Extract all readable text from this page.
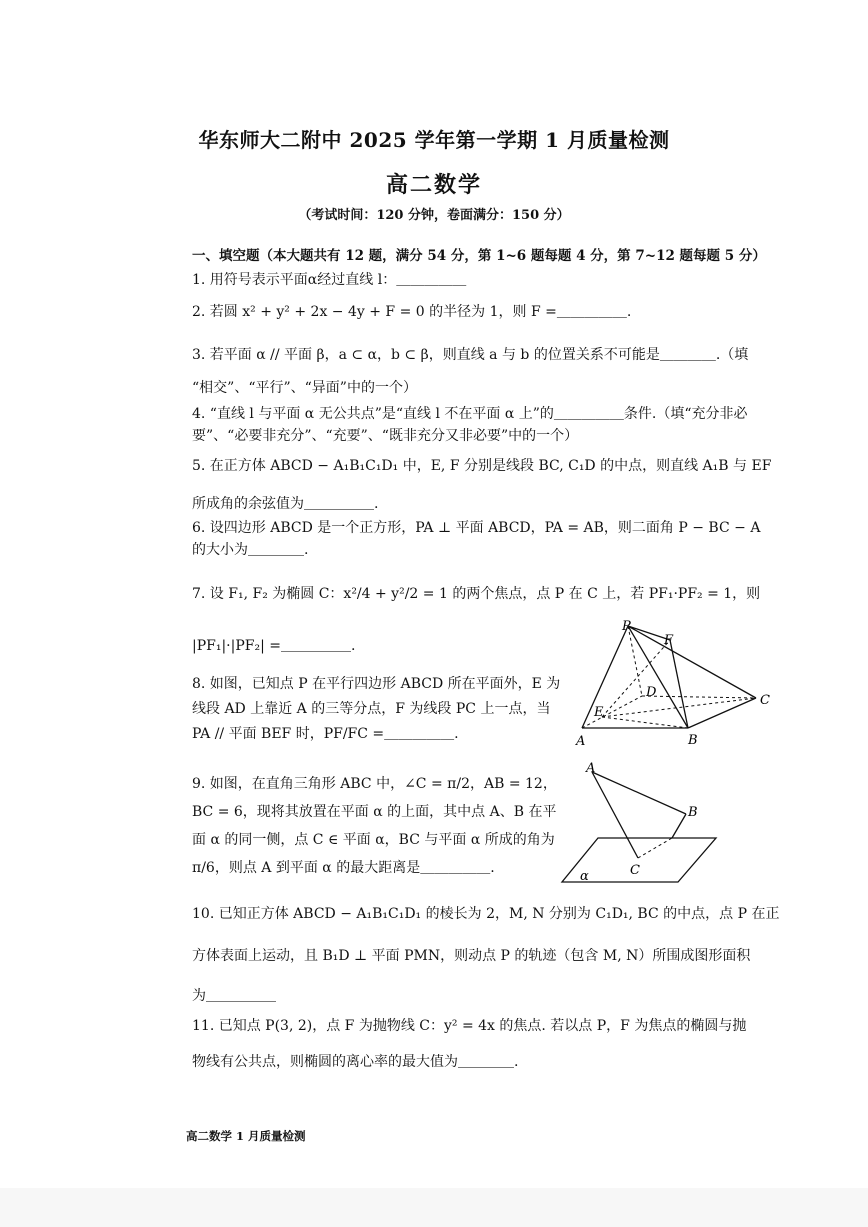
华东师大二附中 2025 学年第一学期 1 月质量检测
高二数学
（考试时间：120 分钟，卷面满分：150 分）
一、填空题（本大题共有 12 题，满分 54 分，第 1~6 题每题 4 分，第 7~12 题每题 5 分）
1. 用符号表示平面α经过直线 l：＿＿＿＿＿
2. 若圆 x² + y² + 2x − 4y + F = 0 的半径为 1，则 F =＿＿＿＿＿.
3. 若平面 α // 平面 β，a ⊂ α，b ⊂ β，则直线 a 与 b 的位置关系不可能是＿＿＿＿.（填
“相交”、“平行”、“异面”中的一个）
4. “直线 l 与平面 α 无公共点”是“直线 l 不在平面 α 上”的＿＿＿＿＿条件.（填“充分非必
要”、“必要非充分”、“充要”、“既非充分又非必要”中的一个）
5. 在正方体 ABCD − A₁B₁C₁D₁ 中，E, F 分别是线段 BC, C₁D 的中点，则直线 A₁B 与 EF
所成角的余弦值为＿＿＿＿＿.
6. 设四边形 ABCD 是一个正方形，PA ⊥ 平面 ABCD，PA = AB，则二面角 P − BC − A
的大小为＿＿＿＿.
7. 设 F₁, F₂ 为椭圆 C：x²/4 + y²/2 = 1 的两个焦点，点 P 在 C 上，若 PF₁·PF₂ = 1，则
|PF₁|·|PF₂| =＿＿＿＿＿.
8. 如图，已知点 P 在平行四边形 ABCD 所在平面外，E 为线段 AD 上靠近 A 的三等分点，F 为线段 PC 上一点，当 PA // 平面 BEF 时，PF/FC =＿＿＿＿＿.
9. 如图，在直角三角形 ABC 中，∠C = π/2，AB = 12，BC = 6，现将其放置在平面 α 的上面，其中点 A、B 在平面 α 的同一侧，点 C ∈ 平面 α，BC 与平面 α 所成的角为 π/6，则点 A 到平面 α 的最大距离是＿＿＿＿＿.
10. 已知正方体 ABCD − A₁B₁C₁D₁ 的棱长为 2，M, N 分别为 C₁D₁, BC 的中点，点 P 在正
方体表面上运动，且 B₁D ⊥ 平面 PMN，则动点 P 的轨迹（包含 M, N）所围成图形面积
为＿＿＿＿＿
11. 已知点 P(3, 2)，点 F 为抛物线 C：y² = 4x 的焦点. 若以点 P，F 为焦点的椭圆与抛
物线有公共点，则椭圆的离心率的最大值为＿＿＿＿.
P
F
D
C
E
A	B
A
B
C
α
高二数学 1 月质量检测
